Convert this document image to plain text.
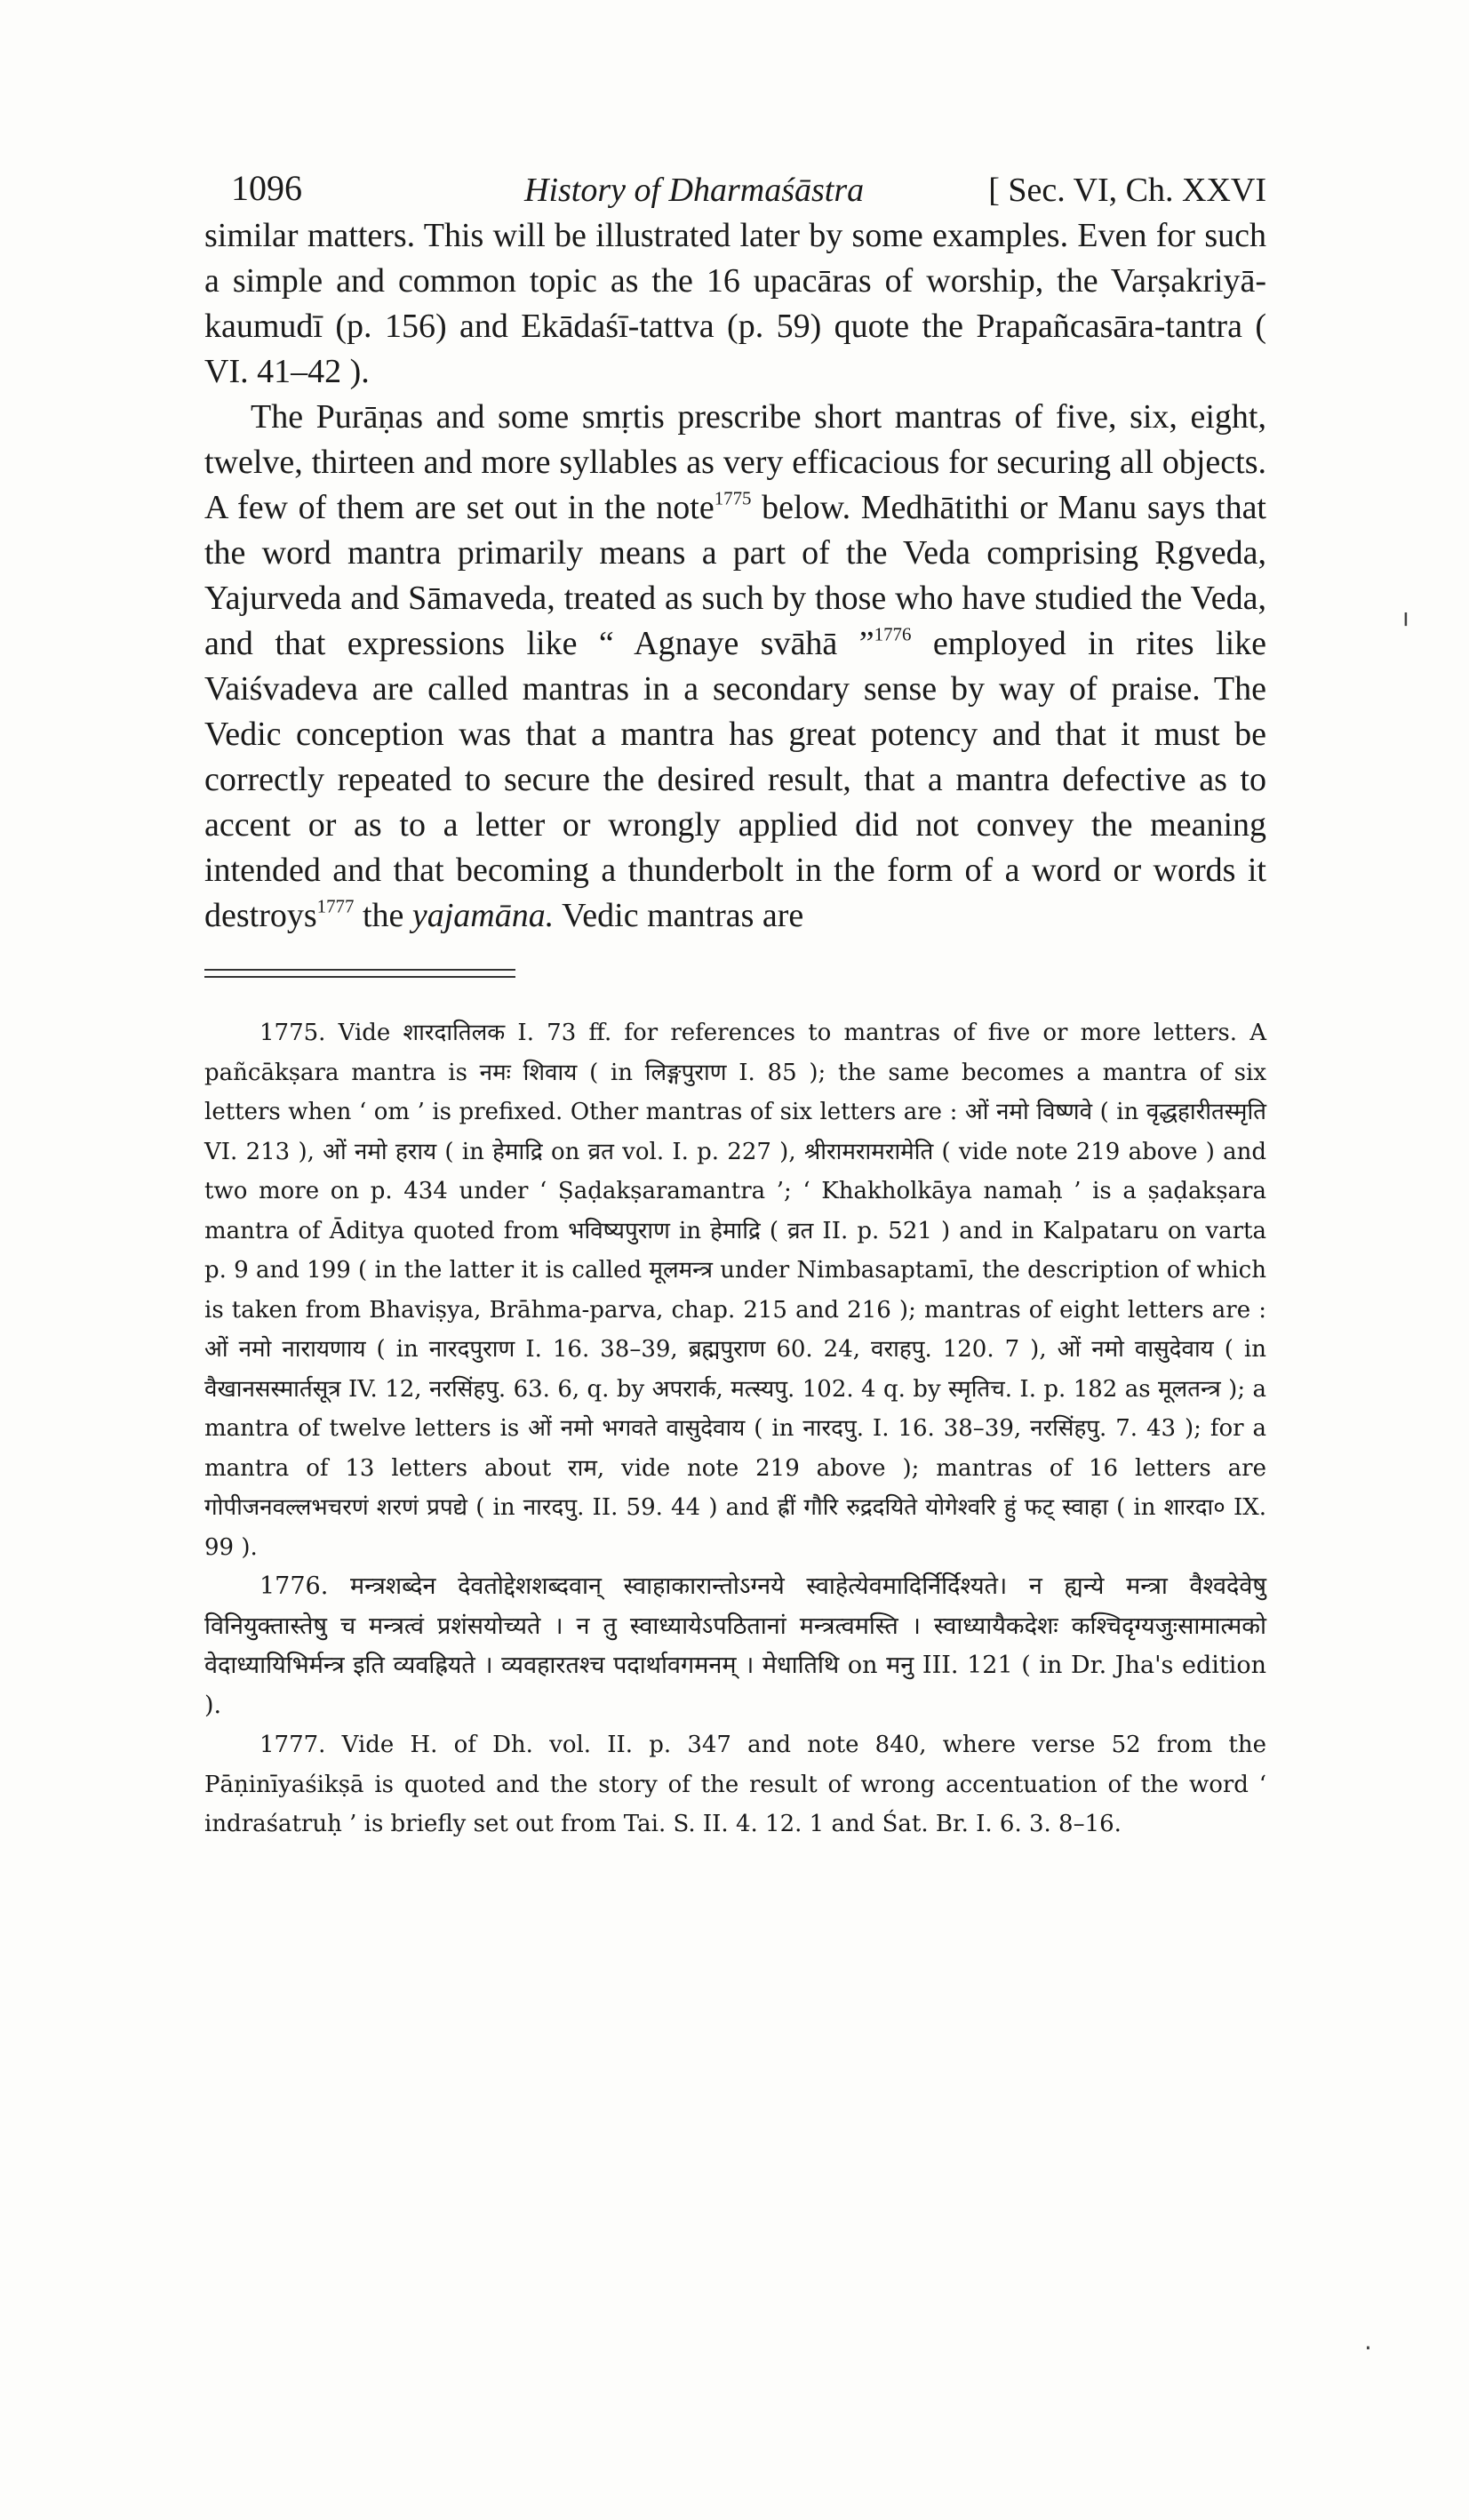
1096	History of Dharmaśāstra	[ Sec. VI, Ch. XXVI

similar matters. This will be illustrated later by some examples. Even for such a simple and common topic as the 16 upacāras of worship, the Varṣakriyā-kaumudī (p. 156) and Ekādaśī-tattva (p. 59) quote the Prapañcasāra-tantra ( VI. 41–42 ).

The Purāṇas and some smṛtis prescribe short mantras of five, six, eight, twelve, thirteen and more syllables as very efficacious for securing all objects. A few of them are set out in the note$^{1775}$ below. Medhātithi or Manu says that the word mantra primarily means a part of the Veda comprising Ṛgveda, Yajurveda and Sāmaveda, treated as such by those who have studied the Veda, and that expressions like “ Agnaye svāhā ”$^{1776}$ employed in rites like Vaiśvadeva are called mantras in a secondary sense by way of praise. The Vedic conception was that a mantra has great potency and that it must be correctly repeated to secure the desired result, that a mantra defective as to accent or as to a letter or wrongly applied did not convey the meaning intended and that becoming a thunderbolt in the form of a word or words it destroys$^{1777}$ the yajamāna. Vedic mantras are

1775. Vide शारदातिलक I. 73 ff. for references to mantras of five or more letters. A pañcākṣara mantra is नमः शिवाय ( in लिङ्गपुराण I. 85 ); the same becomes a mantra of six letters when ‘ om ’ is prefixed. Other mantras of six letters are : ओं नमो विष्णवे ( in वृद्धहारीतस्मृति VI. 213 ), ओं नमो हराय ( in हेमाद्रि on व्रत vol. I. p. 227 ), श्रीरामरामरामेति ( vide note 219 above ) and two more on p. 434 under ‘ Ṣaḍakṣaramantra ’; ‘ Khakholkāya namaḥ ’ is a ṣaḍakṣara mantra of Āditya quoted from भविष्यपुराण in हेमाद्रि ( व्रत II. p. 521 ) and in Kalpataru on varta p. 9 and 199 ( in the latter it is called मूलमन्त्र under Nimbasaptamī, the description of which is taken from Bhaviṣya, Brāhma-parva, chap. 215 and 216 ); mantras of eight letters are : ओं नमो नारायणाय ( in नारदपुराण I. 16. 38–39, ब्रह्मपुराण 60. 24, वराहपु. 120. 7 ), ओं नमो वासुदेवाय ( in वैखानसस्मार्तसूत्र IV. 12, नरसिंहपु. 63. 6, q. by अपरार्क, मत्स्यपु. 102. 4 q. by स्मृतिच. I. p. 182 as मूलतन्त्र ); a mantra of twelve letters is ओं नमो भगवते वासुदेवाय ( in नारदपु. I. 16. 38–39, नरसिंहपु. 7. 43 ); for a mantra of 13 letters about राम, vide note 219 above ); mantras of 16 letters are गोपीजनवल्लभचरणं शरणं प्रपद्ये ( in नारदपु. II. 59. 44 ) and ह्रीं गौरि रुद्रदयिते योगेश्वरि हुं फट् स्वाहा ( in शारदा० IX. 99 ).

1776. मन्त्रशब्देन देवतोद्देशशब्दवान् स्वाहाकारान्तोऽग्नये स्वाहेत्येवमादिर्निर्दिश्यते। न ह्यन्ये मन्त्रा वैश्वदेवेषु विनियुक्तास्तेषु च मन्त्रत्वं प्रशंसयोच्यते । न तु स्वाध्यायेऽपठितानां मन्त्रत्वमस्ति । स्वाध्यायैकदेशः कश्चिदृग्यजुःसामात्मको वेदाध्यायिभिर्मन्त्र इति व्यवह्रियते । व्यवहारतश्च पदार्थावगमनम् । मेधातिथि on मनु III. 121 ( in Dr. Jha's edition ).

1777. Vide H. of Dh. vol. II. p. 347 and note 840, where verse 52 from the Pāṇinīyaśikṣā is quoted and the story of the result of wrong accentuation of the word ‘ indraśatruḥ ’ is briefly set out from Tai. S. II. 4. 12. 1 and Śat. Br. I. 6. 3. 8–16.

ı
·
